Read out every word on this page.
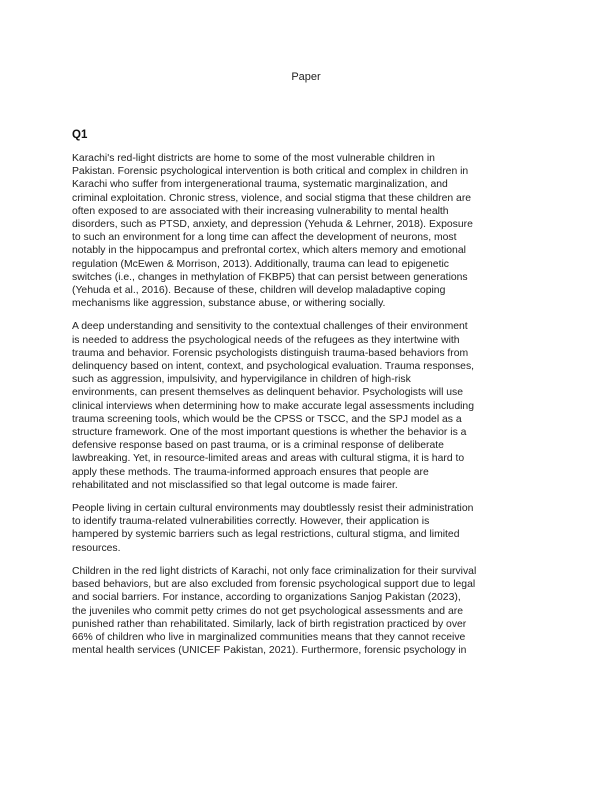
Paper
Q1

Karachi's red-light districts are home to some of the most vulnerable children in
Pakistan. Forensic psychological intervention is both critical and complex in children in
Karachi who suffer from intergenerational trauma, systematic marginalization, and
criminal exploitation. Chronic stress, violence, and social stigma that these children are
often exposed to are associated with their increasing vulnerability to mental health
disorders, such as PTSD, anxiety, and depression (Yehuda & Lehrner, 2018). Exposure
to such an environment for a long time can affect the development of neurons, most
notably in the hippocampus and prefrontal cortex, which alters memory and emotional
regulation (McEwen & Morrison, 2013). Additionally, trauma can lead to epigenetic
switches (i.e., changes in methylation of FKBP5) that can persist between generations
(Yehuda et al., 2016). Because of these, children will develop maladaptive coping
mechanisms like aggression, substance abuse, or withering socially.

A deep understanding and sensitivity to the contextual challenges of their environment
is needed to address the psychological needs of the refugees as they intertwine with
trauma and behavior. Forensic psychologists distinguish trauma-based behaviors from
delinquency based on intent, context, and psychological evaluation. Trauma responses,
such as aggression, impulsivity, and hypervigilance in children of high-risk
environments, can present themselves as delinquent behavior. Psychologists will use
clinical interviews when determining how to make accurate legal assessments including
trauma screening tools, which would be the CPSS or TSCC, and the SPJ model as a
structure framework. One of the most important questions is whether the behavior is a
defensive response based on past trauma, or is a criminal response of deliberate
lawbreaking. Yet, in resource-limited areas and areas with cultural stigma, it is hard to
apply these methods. The trauma-informed approach ensures that people are
rehabilitated and not misclassified so that legal outcome is made fairer.

People living in certain cultural environments may doubtlessly resist their administration
to identify trauma-related vulnerabilities correctly. However, their application is
hampered by systemic barriers such as legal restrictions, cultural stigma, and limited
resources.

Children in the red light districts of Karachi, not only face criminalization for their survival
based behaviors, but are also excluded from forensic psychological support due to legal
and social barriers. For instance, according to organizations Sanjog Pakistan (2023),
the juveniles who commit petty crimes do not get psychological assessments and are
punished rather than rehabilitated. Similarly, lack of birth registration practiced by over
66% of children who live in marginalized communities means that they cannot receive
mental health services (UNICEF Pakistan, 2021). Furthermore, forensic psychology in
